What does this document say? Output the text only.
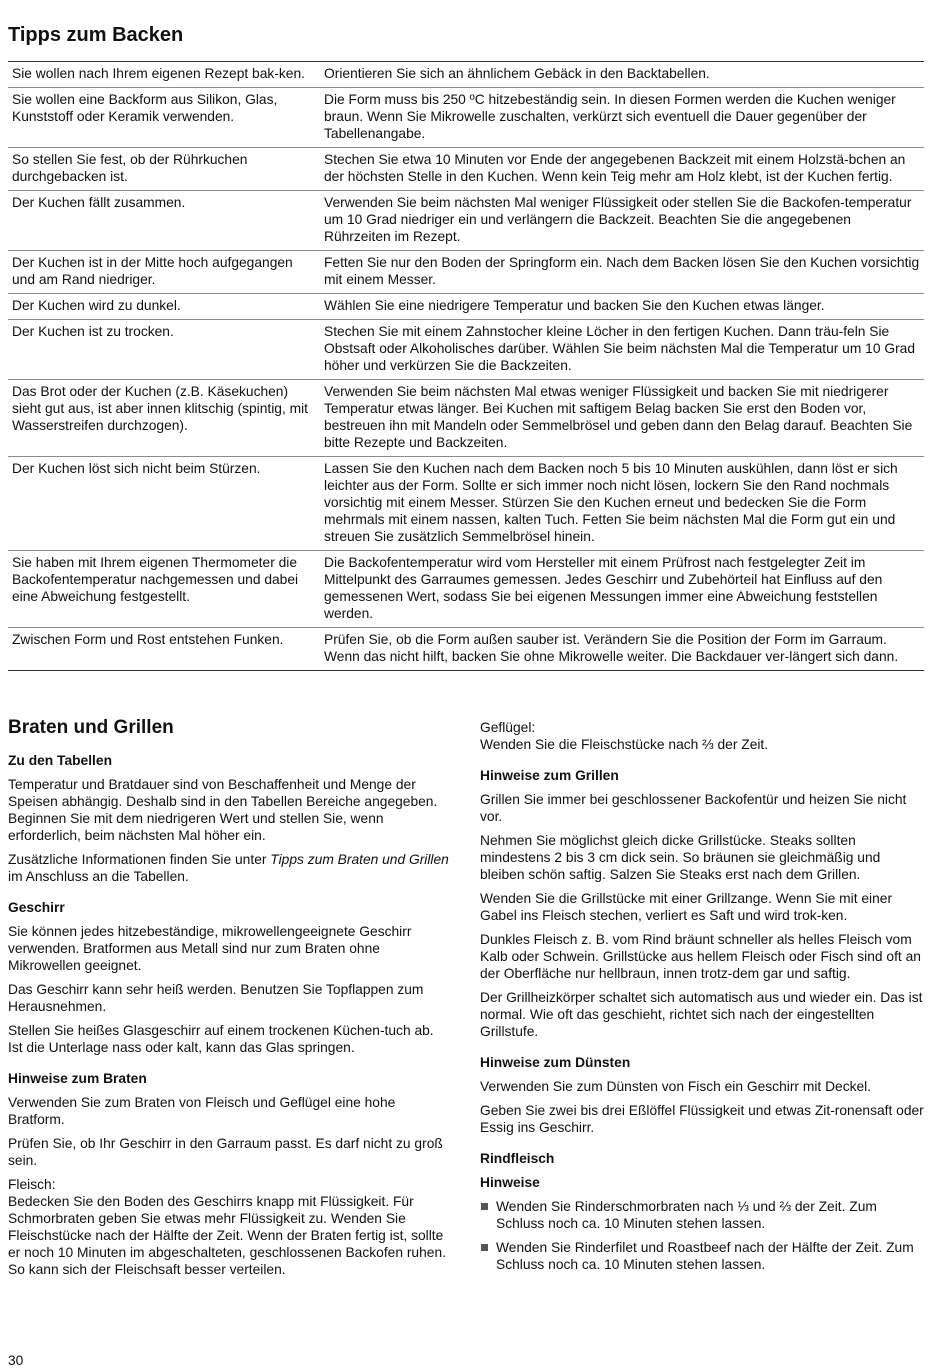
Tipps zum Backen
Sie wollen nach Ihrem eigenen Rezept bak-ken.	Orientieren Sie sich an ähnlichem Gebäck in den Backtabellen.
Sie wollen eine Backform aus Silikon, Glas, Kunststoff oder Keramik verwenden.	Die Form muss bis 250 ºC hitzebeständig sein. In diesen Formen werden die Kuchen weniger braun. Wenn Sie Mikrowelle zuschalten, verkürzt sich eventuell die Dauer gegenüber der Tabellenangabe.
So stellen Sie fest, ob der Rührkuchen durchgebacken ist.	Stechen Sie etwa 10 Minuten vor Ende der angegebenen Backzeit mit einem Holzstä-bchen an der höchsten Stelle in den Kuchen. Wenn kein Teig mehr am Holz klebt, ist der Kuchen fertig.
Der Kuchen fällt zusammen.	Verwenden Sie beim nächsten Mal weniger Flüssigkeit oder stellen Sie die Backofen-temperatur um 10 Grad niedriger ein und verlängern die Backzeit. Beachten Sie die angegebenen Rührzeiten im Rezept.
Der Kuchen ist in der Mitte hoch aufgegangen und am Rand niedriger.	Fetten Sie nur den Boden der Springform ein. Nach dem Backen lösen Sie den Kuchen vorsichtig mit einem Messer.
Der Kuchen wird zu dunkel.	Wählen Sie eine niedrigere Temperatur und backen Sie den Kuchen etwas länger.
Der Kuchen ist zu trocken.	Stechen Sie mit einem Zahnstocher kleine Löcher in den fertigen Kuchen. Dann träu-feln Sie Obstsaft oder Alkoholisches darüber. Wählen Sie beim nächsten Mal die Temperatur um 10 Grad höher und verkürzen Sie die Backzeiten.
Das Brot oder der Kuchen (z.B. Käsekuchen) sieht gut aus, ist aber innen klitschig (spintig, mit Wasserstreifen durchzogen).	Verwenden Sie beim nächsten Mal etwas weniger Flüssigkeit und backen Sie mit niedrigerer Temperatur etwas länger. Bei Kuchen mit saftigem Belag backen Sie erst den Boden vor, bestreuen ihn mit Mandeln oder Semmelbrösel und geben dann den Belag darauf. Beachten Sie bitte Rezepte und Backzeiten.
Der Kuchen löst sich nicht beim Stürzen.	Lassen Sie den Kuchen nach dem Backen noch 5 bis 10 Minuten auskühlen, dann löst er sich leichter aus der Form. Sollte er sich immer noch nicht lösen, lockern Sie den Rand nochmals vorsichtig mit einem Messer. Stürzen Sie den Kuchen erneut und bedecken Sie die Form mehrmals mit einem nassen, kalten Tuch. Fetten Sie beim nächsten Mal die Form gut ein und streuen Sie zusätzlich Semmelbrösel hinein.
Sie haben mit Ihrem eigenen Thermometer die Backofentemperatur nachgemessen und dabei eine Abweichung festgestellt.	Die Backofentemperatur wird vom Hersteller mit einem Prüfrost nach festgelegter Zeit im Mittelpunkt des Garraumes gemessen. Jedes Geschirr und Zubehörteil hat Einfluss auf den gemessenen Wert, sodass Sie bei eigenen Messungen immer eine Abweichung feststellen werden.
Zwischen Form und Rost entstehen Funken.	Prüfen Sie, ob die Form außen sauber ist. Verändern Sie die Position der Form im Garraum. Wenn das nicht hilft, backen Sie ohne Mikrowelle weiter. Die Backdauer ver-längert sich dann.
Braten und Grillen
Zu den Tabellen

Temperatur und Bratdauer sind von Beschaffenheit und Menge der Speisen abhängig. Deshalb sind in den Tabellen Bereiche angegeben. Beginnen Sie mit dem niedrigeren Wert und stellen Sie, wenn erforderlich, beim nächsten Mal höher ein.

Zusätzliche Informationen finden Sie unter Tipps zum Braten und Grillen im Anschluss an die Tabellen.

Geschirr

Sie können jedes hitzebeständige, mikrowellengeeignete Geschirr verwenden. Bratformen aus Metall sind nur zum Braten ohne Mikrowellen geeignet.

Das Geschirr kann sehr heiß werden. Benutzen Sie Topflappen zum Herausnehmen.

Stellen Sie heißes Glasgeschirr auf einem trockenen Küchen-tuch ab. Ist die Unterlage nass oder kalt, kann das Glas springen.

Hinweise zum Braten

Verwenden Sie zum Braten von Fleisch und Geflügel eine hohe Bratform.

Prüfen Sie, ob Ihr Geschirr in den Garraum passt. Es darf nicht zu groß sein.

Fleisch:
Bedecken Sie den Boden des Geschirrs knapp mit Flüssigkeit. Für Schmorbraten geben Sie etwas mehr Flüssigkeit zu. Wenden Sie Fleischstücke nach der Hälfte der Zeit. Wenn der Braten fertig ist, sollte er noch 10 Minuten im abgeschalteten, geschlossenen Backofen ruhen. So kann sich der Fleischsaft besser verteilen.

Geflügel:
Wenden Sie die Fleischstücke nach ⅔ der Zeit.

Hinweise zum Grillen

Grillen Sie immer bei geschlossener Backofentür und heizen Sie nicht vor.

Nehmen Sie möglichst gleich dicke Grillstücke. Steaks sollten mindestens 2 bis 3 cm dick sein. So bräunen sie gleichmäßig und bleiben schön saftig. Salzen Sie Steaks erst nach dem Grillen.

Wenden Sie die Grillstücke mit einer Grillzange. Wenn Sie mit einer Gabel ins Fleisch stechen, verliert es Saft und wird trok-ken.

Dunkles Fleisch z. B. vom Rind bräunt schneller als helles Fleisch vom Kalb oder Schwein. Grillstücke aus hellem Fleisch oder Fisch sind oft an der Oberfläche nur hellbraun, innen trotz-dem gar und saftig.

Der Grillheizkörper schaltet sich automatisch aus und wieder ein. Das ist normal. Wie oft das geschieht, richtet sich nach der eingestellten Grillstufe.

Hinweise zum Dünsten

Verwenden Sie zum Dünsten von Fisch ein Geschirr mit Deckel.

Geben Sie zwei bis drei Eßlöffel Flüssigkeit und etwas Zit-ronensaft oder Essig ins Geschirr.

Rindfleisch
Hinweise
Wenden Sie Rinderschmorbraten nach ⅓ und ⅔ der Zeit. Zum Schluss noch ca. 10 Minuten stehen lassen.
Wenden Sie Rinderfilet und Roastbeef nach der Hälfte der Zeit. Zum Schluss noch ca. 10 Minuten stehen lassen.
30
